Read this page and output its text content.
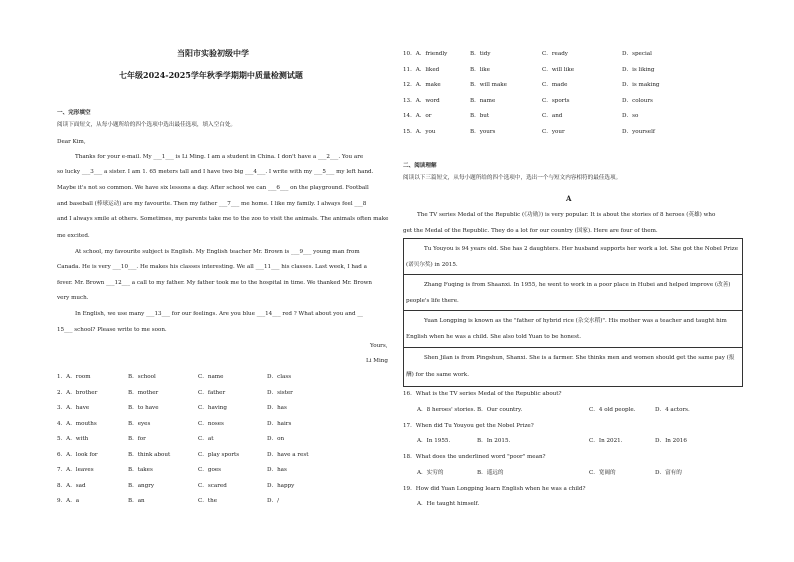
当阳市实验初级中学
七年级2024-2025学年秋季学期期中质量检测试题
一、完形填空
阅读下面短文，从每小题所给的四个选项中选出最佳选项，填入空白处。
Dear Kim,
Thanks for your e-mail. My ___1___ is Li Ming. I am a student in China. I don't have a ___2___. You are
so lucky ___3___ a sister. I am 1. 65 meters tall and I have two big ___4___. I write with my ___5___ my left hand.
Maybe it's not so common. We have six lessons a day. After school we can ___6___ on the playground. Football
and baseball (棒球运动) are my favourite. Then my father ___7___ me home. I like my family. I always feel ___8
and I always smile at others. Sometimes, my parents take me to the zoo to visit the animals. The animals often make
me excited.
At school, my favourite subject is English. My English teacher Mr. Brown is ___9___ young man from
Canada. He is very ___10___. He makes his classes interesting. We all ___11___ his classes. Last week, I had a
fever. Mr. Brown ___12___ a call to my father. My father took me to the hospital in time. We thanked Mr. Brown
very much.
In English, we use many ___13___ for our feelings. Are you blue ___14___ red ? What about you and __
15___ school? Please write to me soon.
Yours,
Li Ming
1．A．room	B．school	C．name	D．class
2．A．brother	B．mother	C．father	D．sister
3．A．have	B．to have	C．having	D．has
4．A．mouths	B．eyes	C．noses	D．hairs
5．A．with	B．for	C．at	D．on
6．A．look for	B．think about	C．play sports	D．have a rest
7．A．leaves	B．takes	C．goes	D．has
8．A．sad	B．angry	C．scared	D．happy
9．A．a	B．an	C．the	D．/
10．A．friendly	B．tidy	C．ready	D．special
11．A．liked	B．like	C．will like	D．is liking
12．A．make	B．will make	C．made	D．is making
13．A．word	B．name	C．sports	D．colours
14．A．or	B．but	C．and	D．so
15．A．you	B．yours	C．your	D．yourself
二、阅读理解
阅读以下三篇短文，从每小题所给的四个选项中，选出一个与短文内容相符的最佳选项。
A
The TV series Medal of the Republic (《功勋》) is very popular. It is about the stories of 8 heroes (英雄) who
get the Medal of the Republic. They do a lot for our country (国家). Here are four of them.
Tu Youyou is 94 years old. She has 2 daughters. Her husband supports her work a lot. She got the Nobel Prize
(诺贝尔奖) in 2015.
Zhang Fuqing is from Shaanxi. In 1955, he went to work in a poor place in Hubei and helped improve (改善)
people's life there.
Yuan Longping is known as the "father of hybrid rice (杂交水稻)". His mother was a teacher and taught him
English when he was a child. She also told Yuan to be honest.
Shen Jilan is from Pingshun, Shanxi. She is a farmer. She thinks men and women should get the same pay (报
酬) for the same work.
16．What is the TV series Medal of the Republic about?
A．8 heroes' stories. B．Our country.	C．4 old people.	D．4 actors.
17．When did Tu Youyou get the Nobel Prize?
A．In 1955.	B．In 2015.	C．In 2021.	D．In 2016
18．What does the underlined word "poor" mean?
A．实穷的	B．遥远的	C．宽阔的	D．富有的
19．How did Yuan Longping learn English when he was a child?
A．He taught himself.
